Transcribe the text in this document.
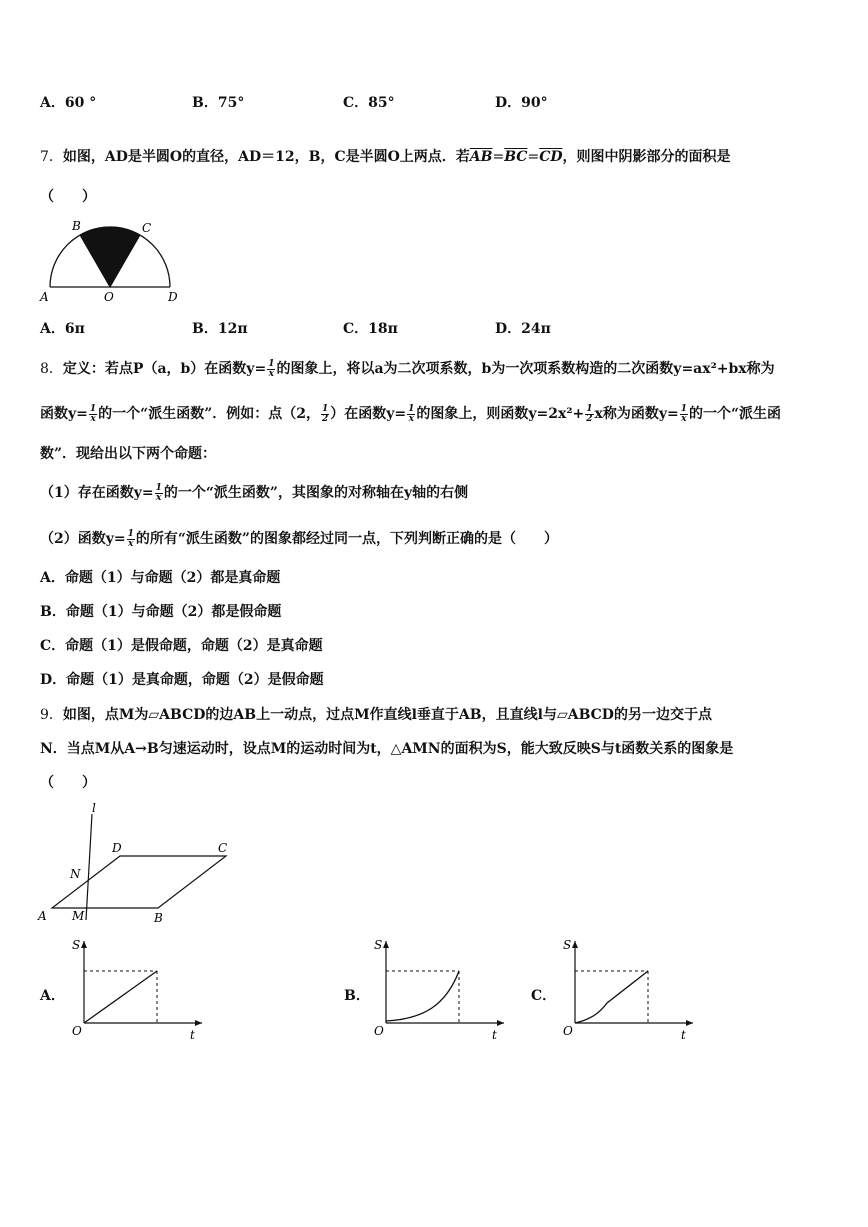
A．60 °	B．75°	C．85°	D．90°
7．如图，AD是半圆O的直径，AD＝12，B，C是半圆O上两点．若$\overline{AB}=\overline{BC}=\overline{CD}$，则图中阴影部分的面积是
（　　）
B	C
A	O	D
A．6π	B．12π	C．18π	D．24π
8．定义：若点P（a，b）在函数$y= \frac{1}{x}$ 的图象上，将以a为二次项系数，b为一次项系数构造的二次函数y=ax²+bx称为
函数$y= \frac{1}{x}$ 的一个“派生函数”．例如：点（2， $\frac{1}{2}$ ）在函数$y= \frac{1}{x}$ 的图象上，则函数$y=2x^2+ \frac{1}{2}$ x称为函数$y= \frac{1}{x}$ 的一个“派生函
数”．现给出以下两个命题：
（1）存在函数$y= \frac{1}{x}$ 的一个“派生函数”，其图象的对称轴在y轴的右侧
（2）函数$y= \frac{1}{x}$ 的所有“派生函数”的图象都经过同一点，下列判断正确的是（　　）
A．命题（1）与命题（2）都是真命题
B．命题（1）与命题（2）都是假命题
C．命题（1）是假命题，命题（2）是真命题
D．命题（1）是真命题，命题（2）是假命题
9．如图，点M为▱ABCD的边AB上一动点，过点M作直线l垂直于AB，且直线l与▱ABCD的另一边交于点
N．当点M从A→B匀速运动时，设点M的运动时间为t，△AMN的面积为S，能大致反映S与t函数关系的图象是
（　　）
l
D	C
N
A M	B
A．
S
O	t
B．
S
O	t
C．
S
O	t
